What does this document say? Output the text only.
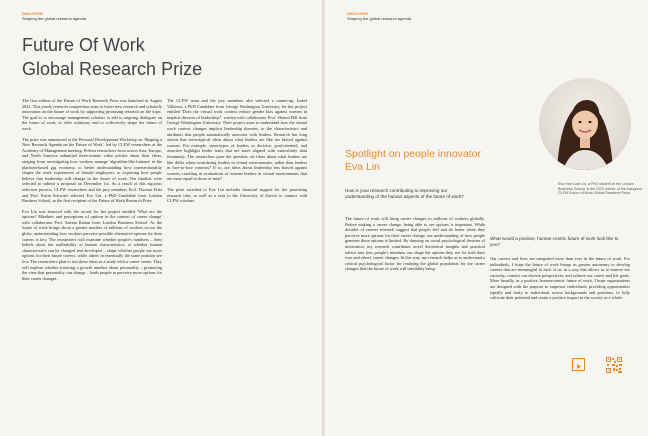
DISCOVER
Shaping the global research agenda
Future Of Work
Global Research Prize

The first edition of the Future of Work Research Prize was launched in August 2021. This yearly research competition aims to foster new research and scholarly innovation on the future of work by supporting promising research on the topic. The goal is to encourage management scholars to add to ongoing dialogues on the future of work, to offer solutions, and to collectively shape the future of work.

The prize was announced at the Personal Development Workshop on 'Shaping a New Research Agenda on the Future of Work', led by CLFW researchers at the Academy of Management meeting. Fifteen researchers from across Asia, Europe, and North America submitted three-minute video pitches about their ideas, ranging from investigating how workers manage 'algorithm-like balance' in the platform-based gig economy, to better understanding how intersectionality shapes the work experiences of female employees, to exploring how people believe that leadership will change in the future of work. Ten finalists were selected to submit a proposal on December 1st. As a result of this rigorous selection process, CLFW researchers and the jury members Prof. Thomas Fritz and Prof. Karin Schwiter selected Eva Lin, a PhD Candidate from London Business School, as the first recipient of the Future of Work Research Prize.

Eva Lin was honored with the award for her project entitled 'What are the options? Mindsets and perceptions of options in the context of career change' with collaborator Prof. Aneeta Rattan from London Business School. As the future of work brings about a greater number of millions of workers across the globe, understanding how workers perceive possible alternative options for their careers is key. The researchers will examine whether people's mindsets – their beliefs about the malleability of human characteristics, or whether human characteristics can be changed and developed – shape whether people see more options for their future careers, while others in essentially the same position see few. The researchers plan to test these ideas in a study with a career center. They will explore whether fostering a growth mindset about personality – promoting the view that personality can change – leads people to perceive more options for their career changes.

The CLFW team and the jury members also selected a runner-up, Isabel Villamor, a PhD Candidate from George Washington University, for her project entitled 'Does the virtual work context reduce gender bias against women in implicit theories of leadership?', written with collaborator Prof. Sharon Hill from George Washington University. Their project aims to understand how the virtual work context changes implicit leadership theories, or the characteristics and attributes that people automatically associate with leaders. Research has long shown that stereotypical ideas about what leaders are like are biased against women. For example, stereotypes of leaders as decisive, goal-oriented, and assertive highlight leader traits that are more aligned with masculinity than femininity. The researchers pose the question: do ideas about what leaders are like differ when considering leaders in virtual environments, rather than leaders in face-to-face contexts? If so, are ideas about leadership less biased against women, resulting in evaluations of women leaders in virtual environments that are more equal to those of men?

The prize awarded to Eva Lin includes financial support for her promising research idea, as well as a visit to the University of Zurich to connect with CLFW scholars.

DISCOVER
Shaping the global research agenda
Spotlight on people innovator
Eva Lin
Eva Hsin Lian Lin, a PhD student at the London Business School, is the 2021 winner of the inaugural CLFW Future of Work Global Research Prize.
How is your research contributing to improving our understanding of the human aspects of the future of work?

The future of work will bring career changes to millions of workers globally. Before making a career change, being able to see options is important. While decades of careers research suggest that people feel and do better when they perceive more options for their career change, our understanding of how people generate those options is limited. By drawing on social psychological theories of motivation, my research contributes novel theoretical insights and practical advice into how people's mindsets can shape the options they see for both their own and others' career changes. In this way, my research helps us to understand a critical psychological factor for readying the global population for the career changes that the future of work will inevitably bring.

What would a positive, human-centric future of work look like to you?

Our careers and lives are integrated more than ever in the future of work. For individuals, I hope the future of work brings us greater autonomy to develop careers that are meaningful to each of us, in a way that allows us to nurture our curiosity, connect our diverse perspectives, and achieve our career and life goals. More broadly, in a positive, human-centric future of work, I hope organizations are designed with the purpose to empower individuals, providing opportunities equally and fairly to individuals across backgrounds and positions, to fully cultivate their potential and create a positive impact in the society as a whole.
